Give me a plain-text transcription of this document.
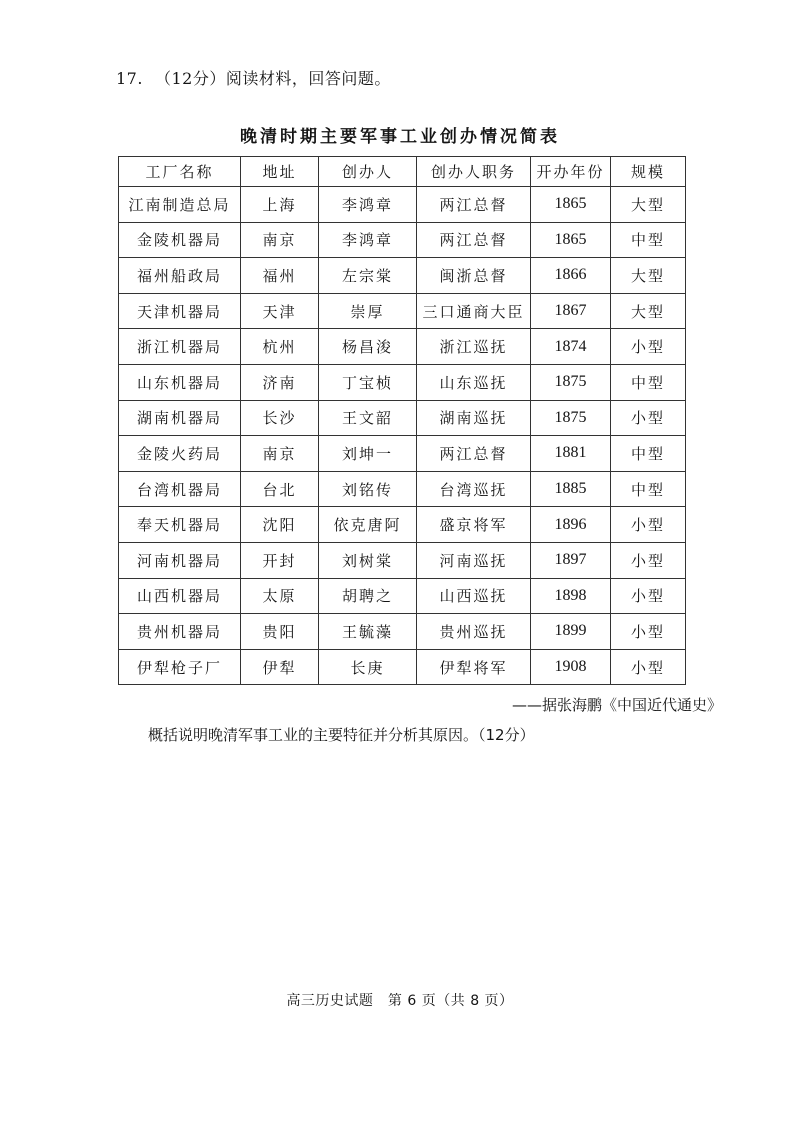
17. （12分）阅读材料，回答问题。
晚清时期主要军事工业创办情况简表
工厂名称	地址	创办人	创办人职务	开办年份	规模
江南制造总局	上海	李鸿章	两江总督	1865	大型
金陵机器局	南京	李鸿章	两江总督	1865	中型
福州船政局	福州	左宗棠	闽浙总督	1866	大型
天津机器局	天津	崇厚	三口通商大臣	1867	大型
浙江机器局	杭州	杨昌浚	浙江巡抚	1874	小型
山东机器局	济南	丁宝桢	山东巡抚	1875	中型
湖南机器局	长沙	王文韶	湖南巡抚	1875	小型
金陵火药局	南京	刘坤一	两江总督	1881	中型
台湾机器局	台北	刘铭传	台湾巡抚	1885	中型
奉天机器局	沈阳	依克唐阿	盛京将军	1896	小型
河南机器局	开封	刘树棠	河南巡抚	1897	小型
山西机器局	太原	胡聘之	山西巡抚	1898	小型
贵州机器局	贵阳	王毓藻	贵州巡抚	1899	小型
伊犁枪子厂	伊犁	长庚	伊犁将军	1908	小型
——据张海鹏《中国近代通史》
概括说明晚清军事工业的主要特征并分析其原因。（12分）
高三历史试题　第 6 页（共 8 页）
